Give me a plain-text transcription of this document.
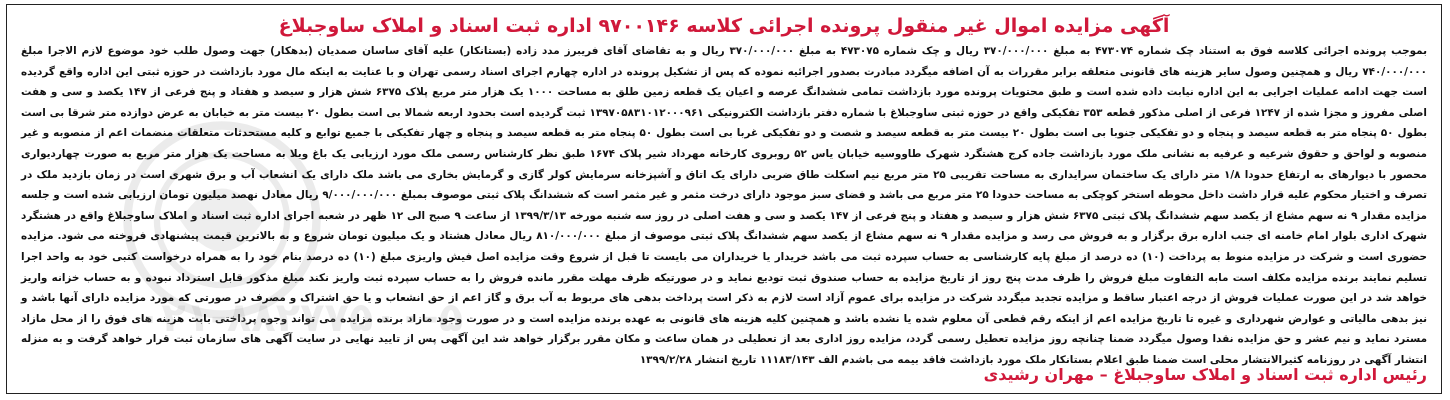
آگهی مزایده اموال غیر منقول پرونده اجرائی کلاسه ۹۷۰۰۱۴۶ اداره ثبت اسناد و املاک ساوجبلاغ
بموجب پرونده اجرائی کلاسه فوق به استناد چک شماره ۴۷۳۰۷۴ به مبلغ ۳۷۰/۰۰۰/۰۰۰ ریال و چک شماره ۴۷۳۰۷۵ به مبلغ ۳۷۰/۰۰۰/۰۰۰ ریال و به تقاضای آقای فریبرز مدد زاده (بستانکار) علیه آقای ساسان صمدیان (بدهکار) جهت وصول طلب خود موضوع لازم الاجرا مبلغ ۷۴۰/۰۰۰/۰۰۰ ریال و همچنین وصول سایر هزینه های قانونی متعلقه برابر مقررات به آن اضافه میگردد مبادرت بصدور اجرائیه نموده که پس از تشکیل پرونده در اداره چهارم اجرای اسناد رسمی تهران و با عنایت به اینکه مال مورد بازداشت در حوزه ثبتی این اداره واقع گردیده است جهت ادامه عملیات اجرایی به این اداره نیابت داده شده است و طبق محتویات پرونده مورد بازداشت تمامی ششدانگ عرصه و اعیان یک قطعه زمین طلق به مساحت ۱۰۰۰ یک هزار متر مربع پلاک ۶۳۷۵ شش هزار و سیصد و هفتاد و پنج فرعی از ۱۴۷ یکصد و سی و هفت اصلی مفروز و مجزا شده از ۱۲۴۷ فرعی از اصلی مذکور قطعه ۳۵۳ تفکیکی واقع در حوزه ثبتی ساوجبلاغ با شماره دفتر بازداشت الکترونیکی ۱۳۹۷۰۵۸۳۱۰۱۲۰۰۰۹۶۱ ثبت گردیده است بحدود اربعه شمالا بی است بطول ۲۰ بیست متر به خیابان به عرض دوازده متر شرقا بی است بطول ۵۰ پنجاه متر به قطعه سیصد و پنجاه و دو تفکیکی جنوبا بی است بطول ۲۰ بیست متر به قطعه سیصد و شصت و دو تفکیکی غربا بی است بطول ۵۰ پنجاه متر به قطعه سیصد و پنجاه و چهار تفکیکی با جمیع توابع و کلیه مستحدثات متعلقات منضمات اعم از منصوبه و غیر منصوبه و لواحق و حقوق شرعیه و عرفیه به نشانی ملک مورد بازداشت جاده کرج هشتگرد شهرک طاووسیه خیابان یاس ۵۲ روبروی کارخانه مهرداد شیر پلاک ۱۶۷۴ طبق نظر کارشناس رسمی ملک مورد ارزیابی یک باغ ویلا به مساحت یک هزار متر مربع به صورت چهاردیواری محصور با دیوارهای به ارتفاع حدودا ۱/۸ متر دارای یک ساختمان سرایداری به مساحت تقریبی ۲۵ متر مربع نیم اسکلت طاق ضربی دارای یک اتاق و آشپزخانه سرمایش کولر گازی و گرمایش بخاری می باشد ملک دارای یک انشعاب آب و برق شهری است در زمان بازدید ملک در تصرف و اختیار محکوم علیه قرار داشت داخل محوطه استخر کوچکی به مساحت حدودا ۲۵ متر مربع می باشد و فضای سبز موجود دارای درخت مثمر و غیر مثمر است که ششدانگ پلاک ثبتی موصوف بمبلغ ۹/۰۰۰/۰۰۰/۰۰۰ ریال معادل نهصد میلیون تومان ارزیابی شده است و جلسه مزایده مقدار ۹ نه سهم مشاع از یکصد سهم ششدانگ پلاک ثبتی ۶۳۷۵ شش هزار و سیصد و هفتاد و پنج فرعی از ۱۴۷ یکصد و سی و هفت اصلی در روز سه شنبه مورخه ۱۳۹۹/۳/۱۳ از ساعت ۹ صبح الی ۱۲ ظهر در شعبه اجرای اداره ثبت اسناد و املاک ساوجبلاغ واقع در هشتگرد شهرک اداری بلوار امام خامنه ای جنب اداره برق برگزار و به فروش می رسد و مزایده مقدار ۹ نه سهم مشاع از یکصد سهم ششدانگ پلاک ثبتی موصوف از مبلغ ۸۱۰/۰۰۰/۰۰۰ ریال معادل هشتاد و یک میلیون تومان شروع و به بالاترین قیمت پیشنهادی فروخته می شود. مزایده حضوری است و شرکت در مزایده منوط به پرداخت (۱۰) ده درصد از مبلغ پایه کارشناسی به حساب سپرده ثبت می باشد خریدار یا خریداران می بایست تا قبل از شروع وقت مزایده اصل فیش واریزی مبلغ (۱۰) ده درصد بنام خود را به همراه درخواست کتبی خود به واحد اجرا تسلیم نمایند برنده مزایده مکلف است مابه التفاوت مبلغ فروش را ظرف مدت پنج روز از تاریخ مزایده به حساب صندوق ثبت تودیع نماید و در صورتیکه ظرف مهلت مقرر مانده فروش را به حساب سپرده ثبت واریز نکند مبلغ مذکور قابل استرداد نبوده و به حساب خزانه واریز خواهد شد در این صورت عملیات فروش از درجه اعتبار ساقط و مزایده تجدید میگردد شرکت در مزایده برای عموم آزاد است لازم به ذکر است پرداخت بدهی های مربوط به آب برق و گاز اعم از حق انشعاب و یا حق اشتراک و مصرف در صورتی که مورد مزایده دارای آنها باشد و نیز بدهی مالیاتی و عوارض شهرداری و غیره تا تاریخ مزایده اعم از اینکه رقم قطعی آن معلوم شده یا نشده باشد و همچنین کلیه هزینه های قانونی به عهده برنده مزایده است و در صورت وجود مازاد برنده مزایده می تواند وجوه پرداختی بابت هزینه های فوق را از محل مازاد مسترد نماید و نیم عشر و حق مزایده نقدا وصول میگردد ضمنا چنانچه روز مزایده تعطیل رسمی گردد، مزایده روز اداری بعد از تعطیلی در همان ساعت و مکان مقرر برگزار خواهد شد این آگهی پس از تایید نهایی در سایت آگهی های سازمان ثبت قرار خواهد گرفت و به منزله انتشار آگهی در روزنامه کثیرالانتشار محلی است ضمنا طبق اعلام بستانکار ملک مورد بازداشت فاقد بیمه می باشدم الف ۱۱۱۸۳/۱۴۳ تاریخ انتشار ۱۳۹۹/۲/۲۸
۰۲۱-۸۸۲۷۷۵۰۰-۵
رئیس اداره ثبت اسناد و املاک ساوجبلاغ – مهران رشیدی
